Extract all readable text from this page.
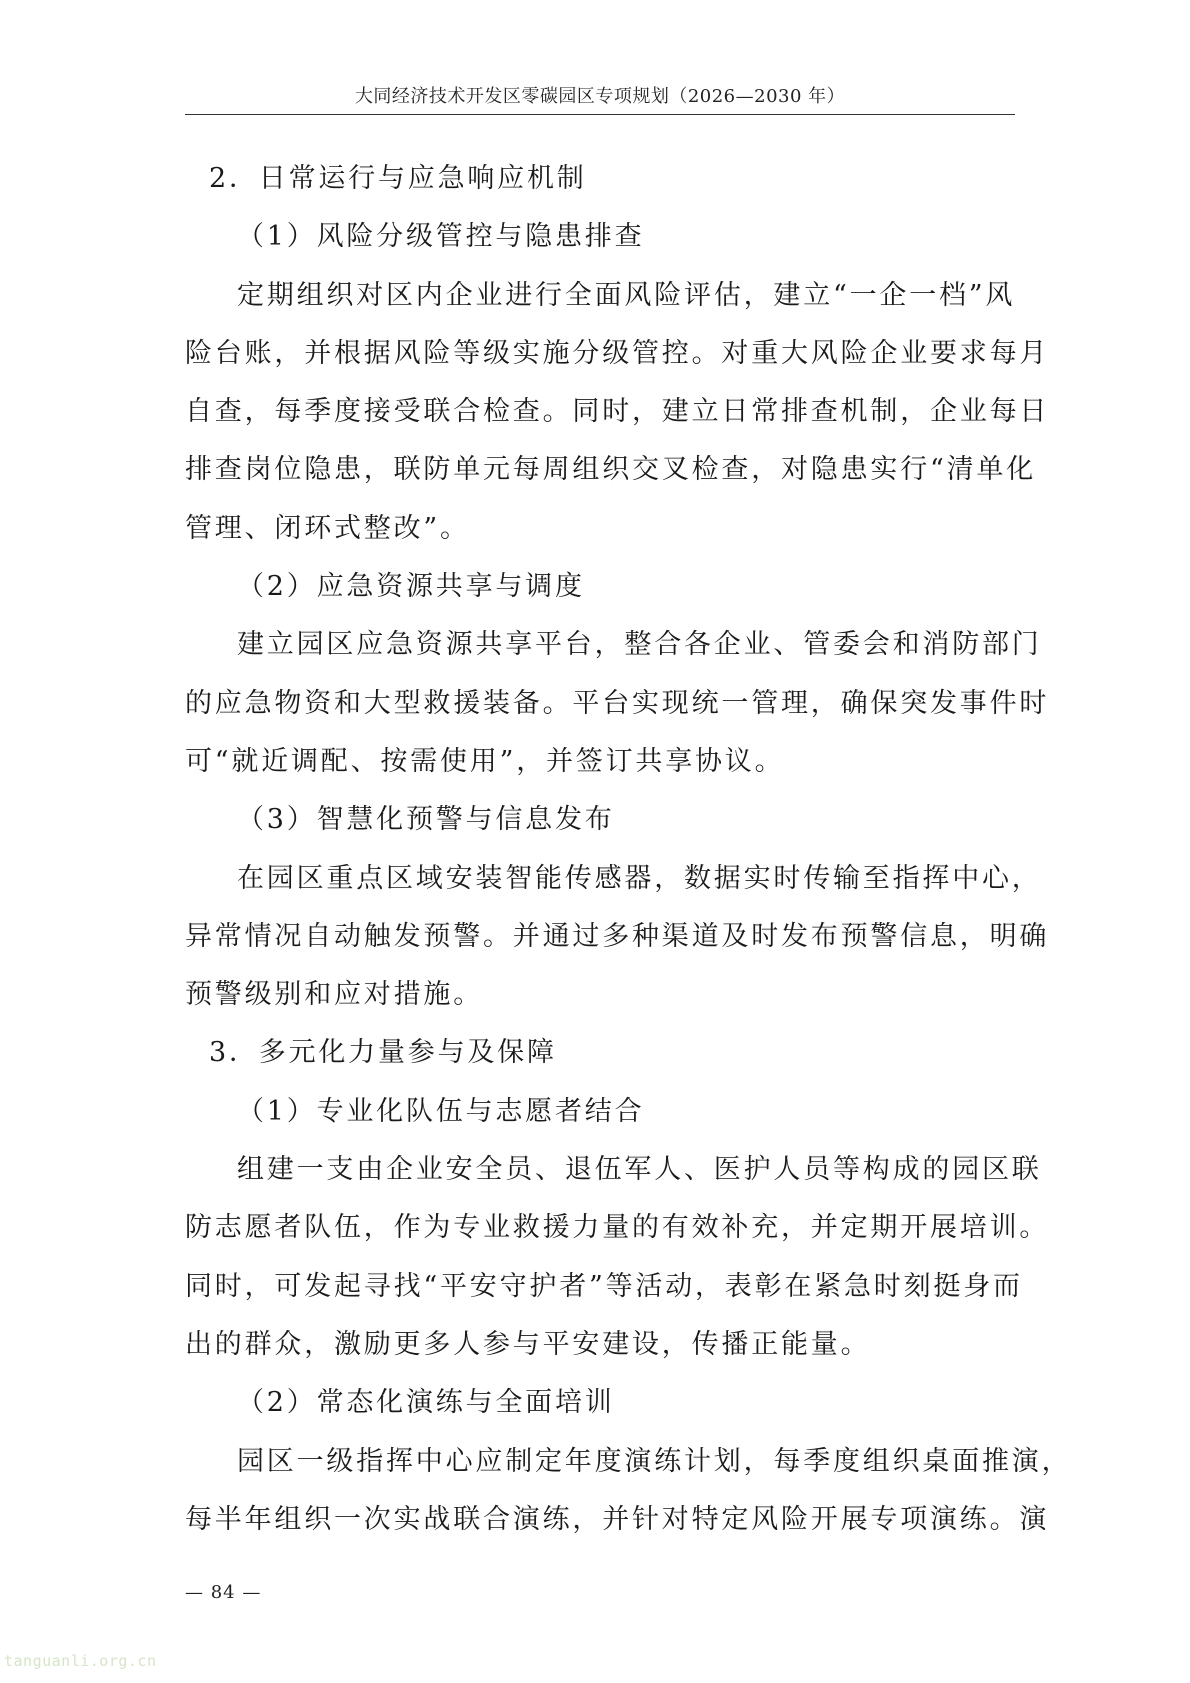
大同经济技术开发区零碳园区专项规划（2026—2030 年）
2．日常运行与应急响应机制
（1）风险分级管控与隐患排查
定期组织对区内企业进行全面风险评估，建立“一企一档”风
险台账，并根据风险等级实施分级管控。对重大风险企业要求每月
自查，每季度接受联合检查。同时，建立日常排查机制，企业每日
排查岗位隐患，联防单元每周组织交叉检查，对隐患实行“清单化
管理、闭环式整改”。
（2）应急资源共享与调度
建立园区应急资源共享平台，整合各企业、管委会和消防部门
的应急物资和大型救援装备。平台实现统一管理，确保突发事件时
可“就近调配、按需使用”，并签订共享协议。
（3）智慧化预警与信息发布
在园区重点区域安装智能传感器，数据实时传输至指挥中心，
异常情况自动触发预警。并通过多种渠道及时发布预警信息，明确
预警级别和应对措施。
3．多元化力量参与及保障
（1）专业化队伍与志愿者结合
组建一支由企业安全员、退伍军人、医护人员等构成的园区联
防志愿者队伍，作为专业救援力量的有效补充，并定期开展培训。
同时，可发起寻找“平安守护者”等活动，表彰在紧急时刻挺身而
出的群众，激励更多人参与平安建设，传播正能量。
（2）常态化演练与全面培训
园区一级指挥中心应制定年度演练计划，每季度组织桌面推演，
每半年组织一次实战联合演练，并针对特定风险开展专项演练。演
— 84 —
tanguanli.org.cn
